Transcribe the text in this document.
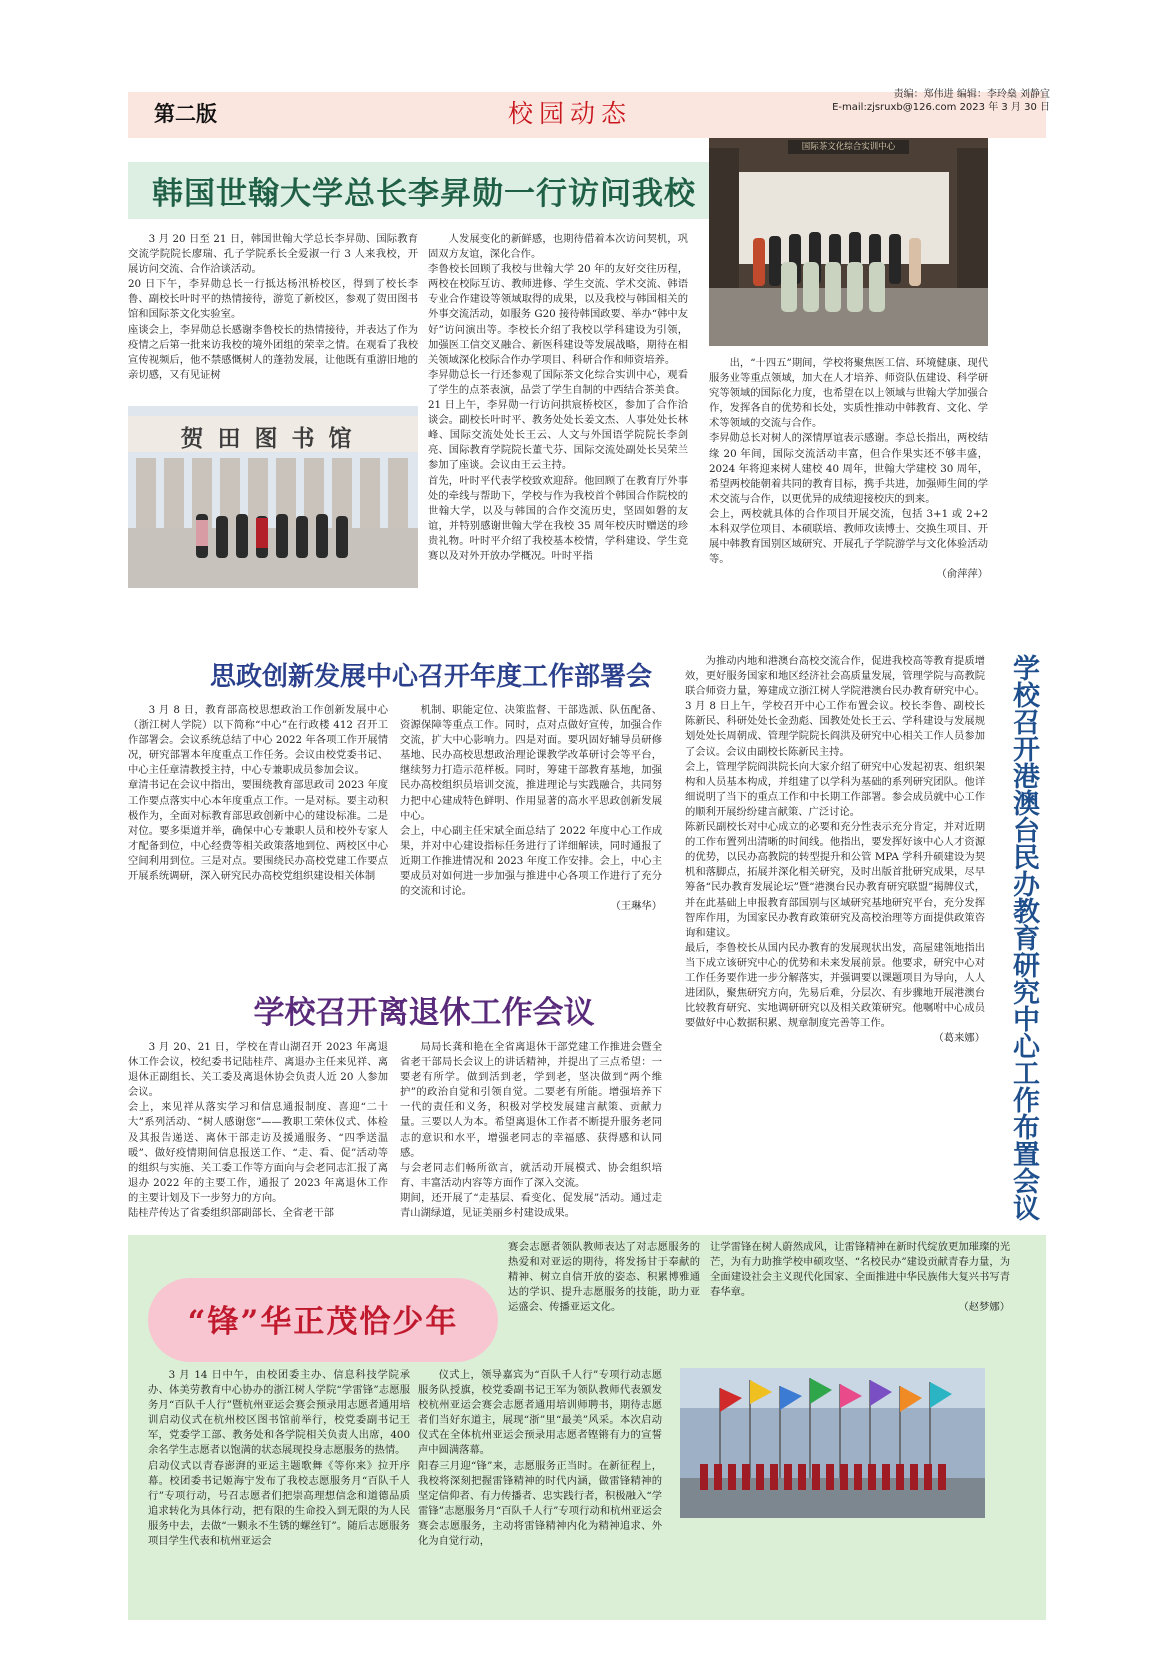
第二版	校园动态
责编：郑伟进 编辑：李玲燊 刘静宜
E-mail:zjsruxb@126.com 2023 年 3 月 30 日
韩国世翰大学总长李昇勋一行访问我校

3 月 20 日至 21 日，韩国世翰大学总长李昇勋、国际教育交流学院院长廖瑞、孔子学院系长全爱淑一行 3 人来我校，开展访问交流、合作洽谈活动。
20 日下午，李昇勋总长一行抵达杨汛桥校区，得到了校长李鲁、副校长叶时平的热情接待，游览了新校区，参观了贺田图书馆和国际茶文化实验室。
座谈会上，李昇勋总长感谢李鲁校长的热情接待，并表达了作为疫情之后第一批来访我校的境外团组的荣幸之情。在观看了我校宣传视频后，他不禁感慨树人的蓬勃发展，让他既有重游旧地的亲切感，又有见证树

贺田图书馆

人发展变化的新鲜感，也期待借着本次访问契机，巩固双方友谊，深化合作。
李鲁校长回顾了我校与世翰大学 20 年的友好交往历程，两校在校际互访、教师进修、学生交流、学术交流、韩语专业合作建设等领域取得的成果，以及我校与韩国相关的外事交流活动，如服务 G20 接待韩国政要、举办“韩中友好”访问演出等。李校长介绍了我校以学科建设为引领，加强医工信交叉融合、新医科建设等发展战略，期待在相关领域深化校际合作办学项目、科研合作和师资培养。
李昇勋总长一行还参观了国际茶文化综合实训中心，观看了学生的点茶表演，品尝了学生自制的中西结合茶美食。
21 日上午，李昇勋一行访问拱宸桥校区，参加了合作洽谈会。副校长叶时平、教务处处长姜文杰、人事处处长林峰、国际交流处处长王云、人文与外国语学院院长李剑亮、国际教育学院院长董弋芬、国际交流处副处长吴荣兰参加了座谈。会议由王云主持。
首先，叶时平代表学校致欢迎辞。他回顾了在教育厅外事处的牵线与帮助下，学校与作为我校首个韩国合作院校的世翰大学，以及与韩国的合作交流历史，坚固如磐的友谊，并特别感谢世翰大学在我校 35 周年校庆时赠送的珍贵礼物。叶时平介绍了我校基本校情，学科建设、学生竞赛以及对外开放办学概况。叶时平指

国际茶文化综合实训中心

出，“十四五”期间，学校将聚焦医工信、环境健康、现代服务业等重点领域，加大在人才培养、师资队伍建设、科学研究等领域的国际化力度，也希望在以上领域与世翰大学加强合作，发挥各自的优势和长处，实质性推动中韩教育、文化、学术等领域的交流与合作。
李昇勋总长对树人的深情厚谊表示感谢。李总长指出，两校结缘 20 年间，国际交流活动丰富，但合作果实还不够丰盛，2024 年将迎来树人建校 40 周年，世翰大学建校 30 周年，希望两校能朝着共同的教育目标，携手共进，加强师生间的学术交流与合作，以更优异的成绩迎接校庆的到来。
会上，两校就具体的合作项目开展交流，包括 3+1 或 2+2 本科双学位项目、本硕联培、教师攻读博士、交换生项目、开展中韩教育国别区域研究、开展孔子学院游学与文化体验活动等。

（俞萍萍）

思政创新发展中心召开年度工作部署会

3 月 8 日，教育部高校思想政治工作创新发展中心（浙江树人学院）以下简称“中心”在行政楼 412 召开工作部署会。会议系统总结了中心 2022 年各项工作开展情况，研究部署本年度重点工作任务。会议由校党委书记、中心主任章清教授主持，中心专兼职成员参加会议。
章清书记在会议中指出，要围绕教育部思政司 2023 年度工作要点落实中心本年度重点工作。一是对标。要主动积极作为，全面对标教育部思政创新中心的建设标准。二是对位。要多渠道并举，确保中心专兼职人员和校外专家人才配备到位，中心经费等相关政策落地到位、两校区中心空间利用到位。三是对点。要围绕民办高校党建工作要点开展系统调研，深入研究民办高校党组织建设相关体制

机制、职能定位、决策监督、干部选派、队伍配备、资源保障等重点工作。同时，点对点做好宣传，加强合作交流，扩大中心影响力。四是对面。要巩固好辅导员研修基地、民办高校思想政治理论课教学改革研讨会等平台，继续努力打造示范样板。同时，筹建干部教育基地，加强民办高校组织员培训交流，推进理论与实践融合，共同努力把中心建成特色鲜明、作用显著的高水平思政创新发展中心。
会上，中心副主任宋斌全面总结了 2022 年度中心工作成果，并对中心建设指标任务进行了详细解读，同时通报了近期工作推进情况和 2023 年度工作安排。会上，中心主要成员对如何进一步加强与推进中心各项工作进行了充分的交流和讨论。

（王琳华）

学校召开离退休工作会议

3 月 20、21 日，学校在青山湖召开 2023 年离退休工作会议，校纪委书记陆桂芹、离退办主任来见祥、离退休正副组长、关工委及离退休协会负责人近 20 人参加会议。
会上，来见祥从落实学习和信息通报制度、喜迎“二十大”系列活动、“树人感谢您”——教职工荣休仪式、体检及其报告递送、离休干部走访及援通服务、“四季送温暖”、做好疫情期间信息报送工作、“走、看、促”活动等的组织与实施、关工委工作等方面向与会老同志汇报了离退办 2022 年的主要工作，通报了 2023 年离退休工作的主要计划及下一步努力的方向。
陆桂芹传达了省委组织部副部长、全省老干部

局局长龚和艳在全省离退休干部党建工作推进会暨全省老干部局长会议上的讲话精神，并提出了三点希望：一要老有所学。做到活到老，学到老，坚决做到“两个维护”的政治自觉和引领自觉。二要老有所能。增强培养下一代的责任和义务，积极对学校发展建言献策、贡献力量。三要以人为本。希望离退休工作者不断提升服务老同志的意识和水平，增强老同志的幸福感、获得感和认同感。
与会老同志们畅所欲言，就活动开展模式、协会组织培育、丰富活动内容等方面作了深入交流。
期间，还开展了“走基层、看变化、促发展”活动。通过走青山湖绿道，见证美丽乡村建设成果。

为推动内地和港澳台高校交流合作，促进我校高等教育提质增效，更好服务国家和地区经济社会高质量发展，管理学院与高教院联合师资力量，筹建成立浙江树人学院港澳台民办教育研究中心。3 月 8 日上午，学校召开中心工作布置会议。校长李鲁、副校长陈新民、科研处处长金劲彪、国教处处长王云、学科建设与发展规划处处长周朝成、管理学院院长阎洪及研究中心相关工作人员参加了会议。会议由副校长陈新民主持。
会上，管理学院阎洪院长向大家介绍了研究中心发起初衷、组织架构和人员基本构成，并组建了以学科为基础的系列研究团队。他详细说明了当下的重点工作和中长期工作部署。参会成员就中心工作的顺利开展纷纷建言献策、广泛讨论。
陈新民副校长对中心成立的必要和充分性表示充分肯定，并对近期的工作布置列出清晰的时间线。他指出，要发挥好该中心人才资源的优势，以民办高教院的转型提升和公管 MPA 学科升硕建设为契机和落脚点，拓展并深化相关研究，及时出版首批研究成果，尽早筹备“民办教育发展论坛”暨“港澳台民办教育研究联盟”揭牌仪式，并在此基础上申报教育部国别与区域研究基地研究平台，充分发挥智库作用，为国家民办教育政策研究及高校治理等方面提供政策咨询和建议。
最后，李鲁校长从国内民办教育的发展现状出发，高屋建瓴地指出当下成立该研究中心的优势和未来发展前景。他要求，研究中心对工作任务要作进一步分解落实，并强调要以课题项目为导向，人人进团队，聚焦研究方向，先易后难，分层次、有步骤地开展港澳台比较教育研究、实地调研研究以及相关政策研究。他嘱咐中心成员要做好中心数据积累、规章制度完善等工作。

（葛来娜） 学校召开港澳台民办教育研究中心工作布置会议
“锋”华正茂恰少年

赛会志愿者领队教师表达了对志愿服务的热爱和对亚运的期待，将发扬甘于奉献的精神、树立自信开放的姿态、积累博雅通达的学识、提升志愿服务的技能，助力亚运盛会、传播亚运文化。

让学雷锋在树人蔚然成风，让雷锋精神在新时代绽放更加璀璨的光芒，为有力助推学校申硕攻坚、“名校民办”建设贡献青春力量，为全面建设社会主义现代化国家、全面推进中华民族伟大复兴书写青春华章。

（赵梦娜）

3 月 14 日中午，由校团委主办、信息科技学院承办、体美劳教育中心协办的浙江树人学院“学雷锋”志愿服务月“百队千人行”暨杭州亚运会赛会预录用志愿者通用培训启动仪式在杭州校区图书馆前举行，校党委副书记王军，党委学工部、教务处和各学院相关负责人出席，400 余名学生志愿者以饱满的状态展现投身志愿服务的热情。
启动仪式以青春澎湃的亚运主题歌舞《等你来》拉开序幕。校团委书记姬海宁发布了我校志愿服务月“百队千人行”专项行动，号召志愿者们把崇高理想信念和道德品质追求转化为具体行动，把有限的生命投入到无限的为人民服务中去，去做“一颗永不生锈的螺丝钉”。随后志愿服务项目学生代表和杭州亚运会

仪式上，领导嘉宾为“百队千人行”专项行动志愿服务队授旗，校党委副书记王军为领队教师代表颁发校杭州亚运会赛会志愿者通用培训师聘书，期待志愿者们当好东道主，展现“浙”里“最美”风采。本次启动仪式在全体杭州亚运会预录用志愿者铿锵有力的宣誓声中圆满落幕。
阳春三月迎“锋”来，志愿服务正当时。在新征程上，我校将深刻把握雷锋精神的时代内涵，做雷锋精神的坚定信仰者、有力传播者、忠实践行者，积极融入“学雷锋”志愿服务月“百队千人行”专项行动和杭州亚运会赛会志愿服务，主动将雷锋精神内化为精神追求、外化为自觉行动，
